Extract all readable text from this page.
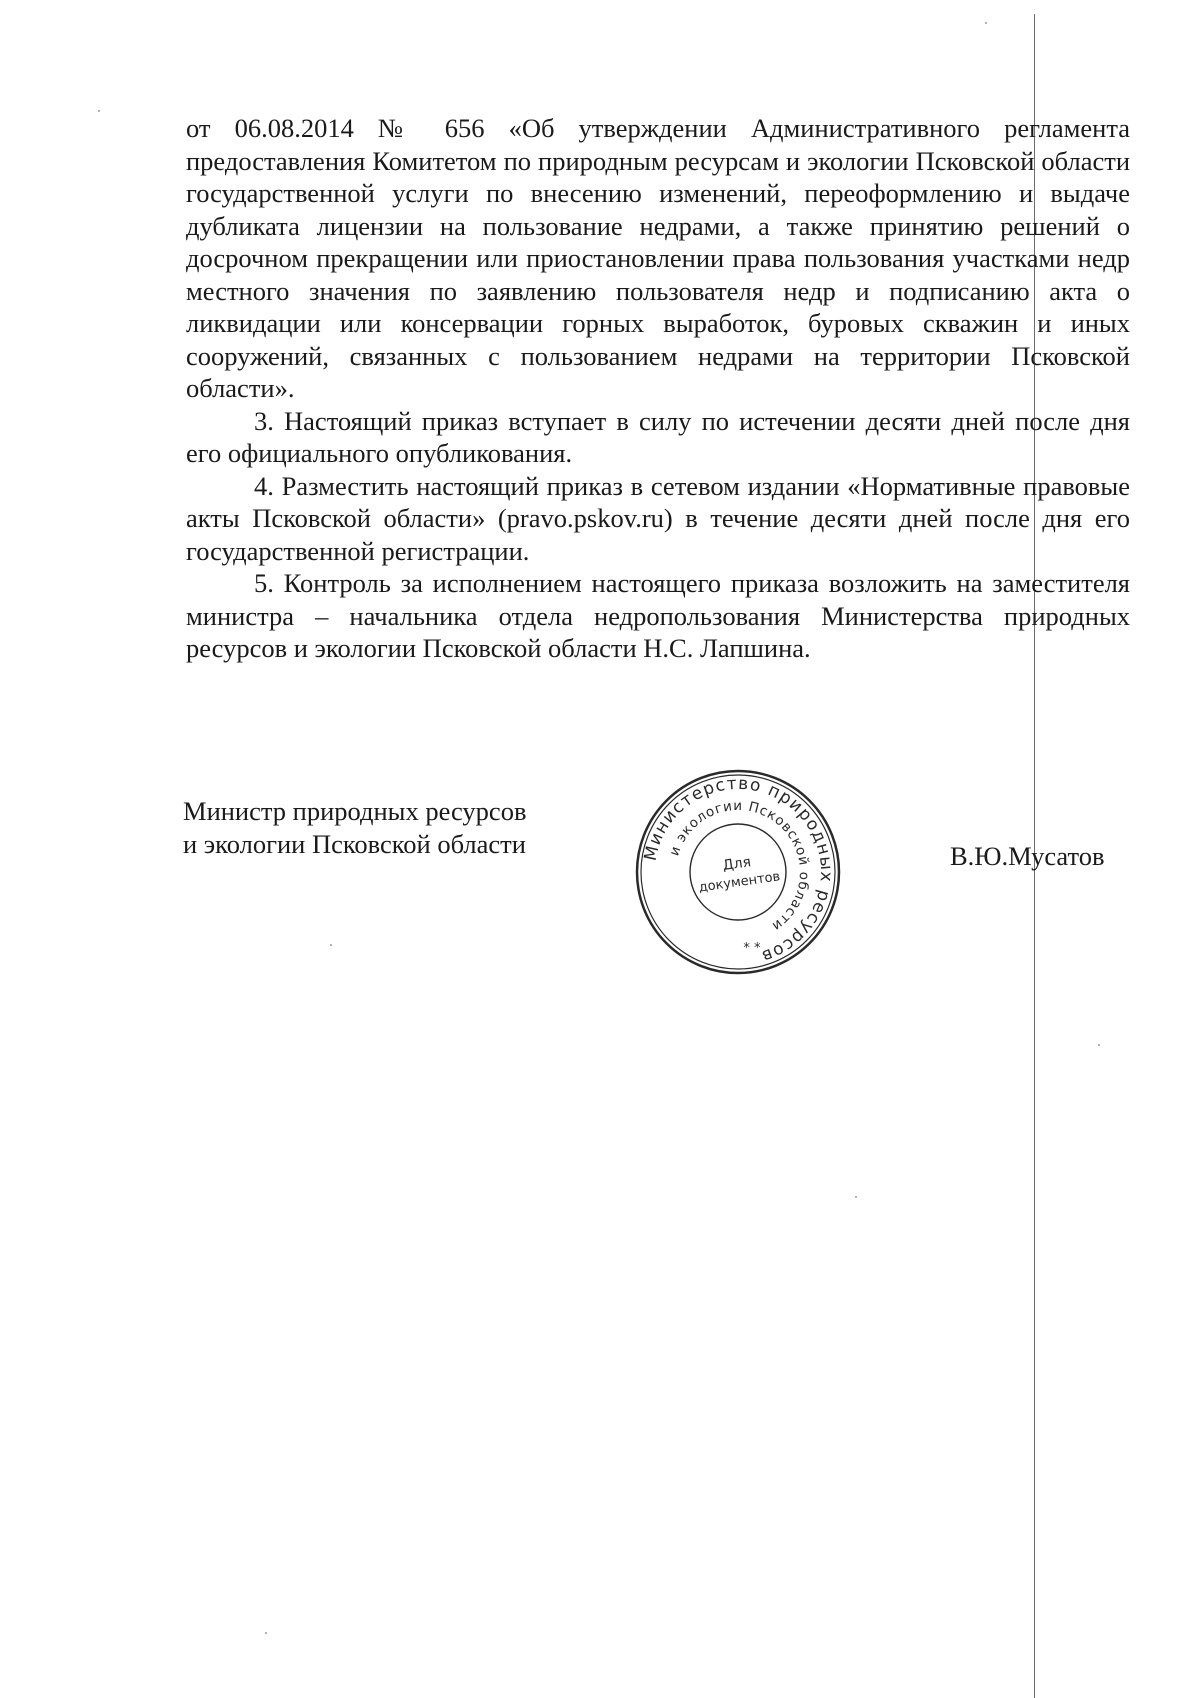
от 06.08.2014 № 656 «Об утверждении Административного регламента предоставления Комитетом по природным ресурсам и экологии Псковской области государственной услуги по внесению изменений, переоформлению и выдаче дубликата лицензии на пользование недрами, а также принятию решений о досрочном прекращении или приостановлении права пользования участками недр местного значения по заявлению пользователя недр и подписанию акта о ликвидации или консервации горных выработок, буровых скважин и иных сооружений, связанных с пользованием недрами на территории Псковской области».

3. Настоящий приказ вступает в силу по истечении десяти дней после дня его официального опубликования.

4. Разместить настоящий приказ в сетевом издании «Нормативные правовые акты Псковской области» (pravo.pskov.ru) в течение десяти дней после дня его государственной регистрации.

5. Контроль за исполнением настоящего приказа возложить на заместителя министра – начальника отдела недропользования Министерства природных ресурсов и экологии Псковской области Н.С. Лапшина.

Министр природных ресурсов
и экологии Псковской области	Министерство природных ресурсов
и экологии Псковской области
Для
документов
* *
В.Ю.Мусатов
